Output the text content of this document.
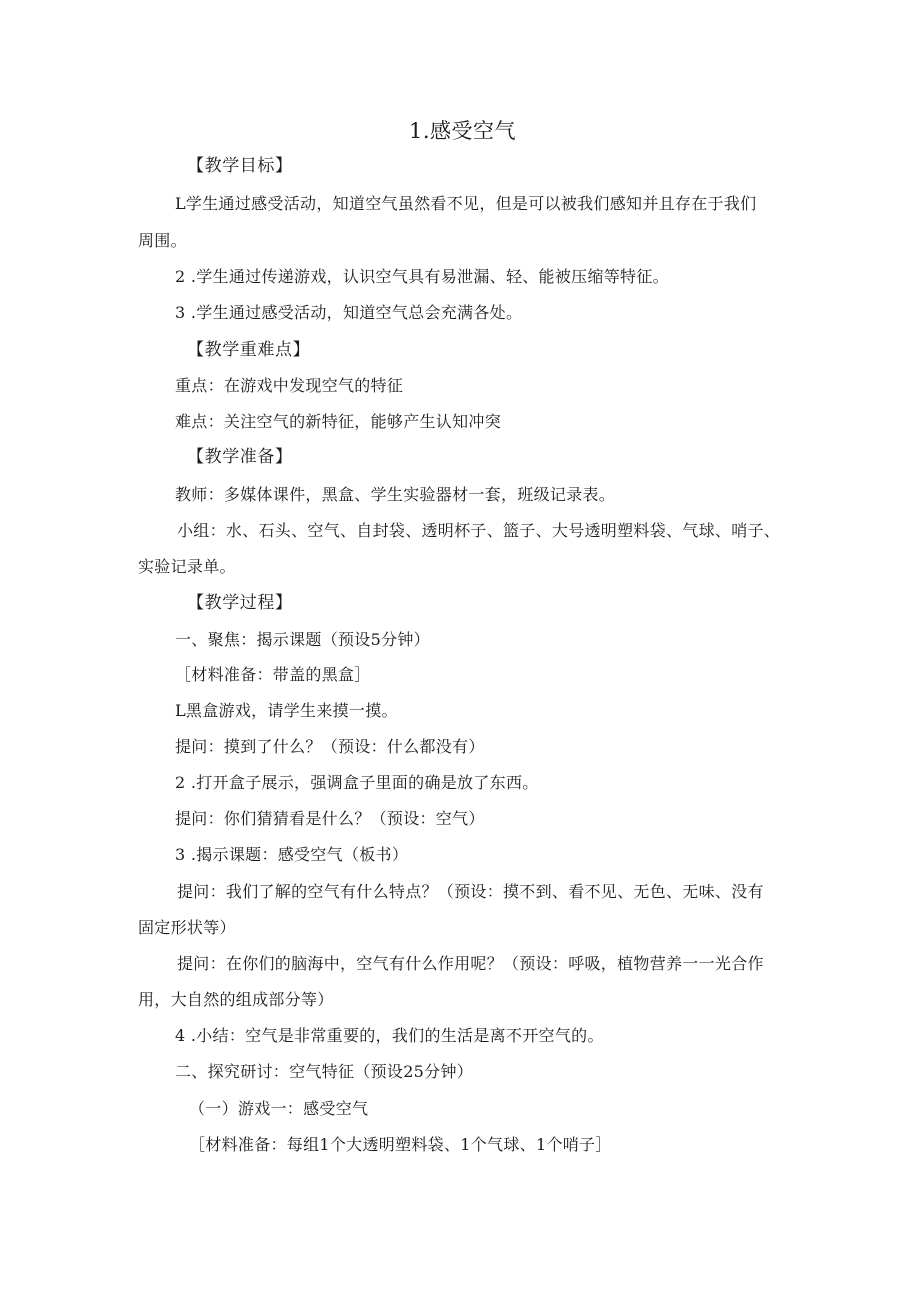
1.感受空气
【教学目标】
L学生通过感受活动，知道空气虽然看不见，但是可以被我们感知并且存在于我们
周围。
2 .学生通过传递游戏，认识空气具有易泄漏、轻、能被压缩等特征。
3 .学生通过感受活动，知道空气总会充满各处。
【教学重难点】
重点：在游戏中发现空气的特征
难点：关注空气的新特征，能够产生认知冲突
【教学准备】
教师：多媒体课件，黑盒、学生实验器材一套，班级记录表。
小组：水、石头、空气、自封袋、透明杯子、篮子、大号透明塑料袋、气球、哨子、
实验记录单。
【教学过程】
一、聚焦：揭示课题（预设5分钟）
［材料准备：带盖的黑盒］
L黑盒游戏，请学生来摸一摸。
提问：摸到了什么？（预设：什么都没有）
2 .打开盒子展示，强调盒子里面的确是放了东西。
提问：你们猜猜看是什么？（预设：空气）
3 .揭示课题：感受空气（板书）
提问：我们了解的空气有什么特点？（预设：摸不到、看不见、无色、无味、没有
固定形状等）
提问：在你们的脑海中，空气有什么作用呢？（预设：呼吸，植物营养一一光合作
用，大自然的组成部分等）
4 .小结：空气是非常重要的，我们的生活是离不开空气的。
二、探究研讨：空气特征（预设25分钟）
（一）游戏一：感受空气
［材料准备：每组1个大透明塑料袋、1个气球、1个哨子］
